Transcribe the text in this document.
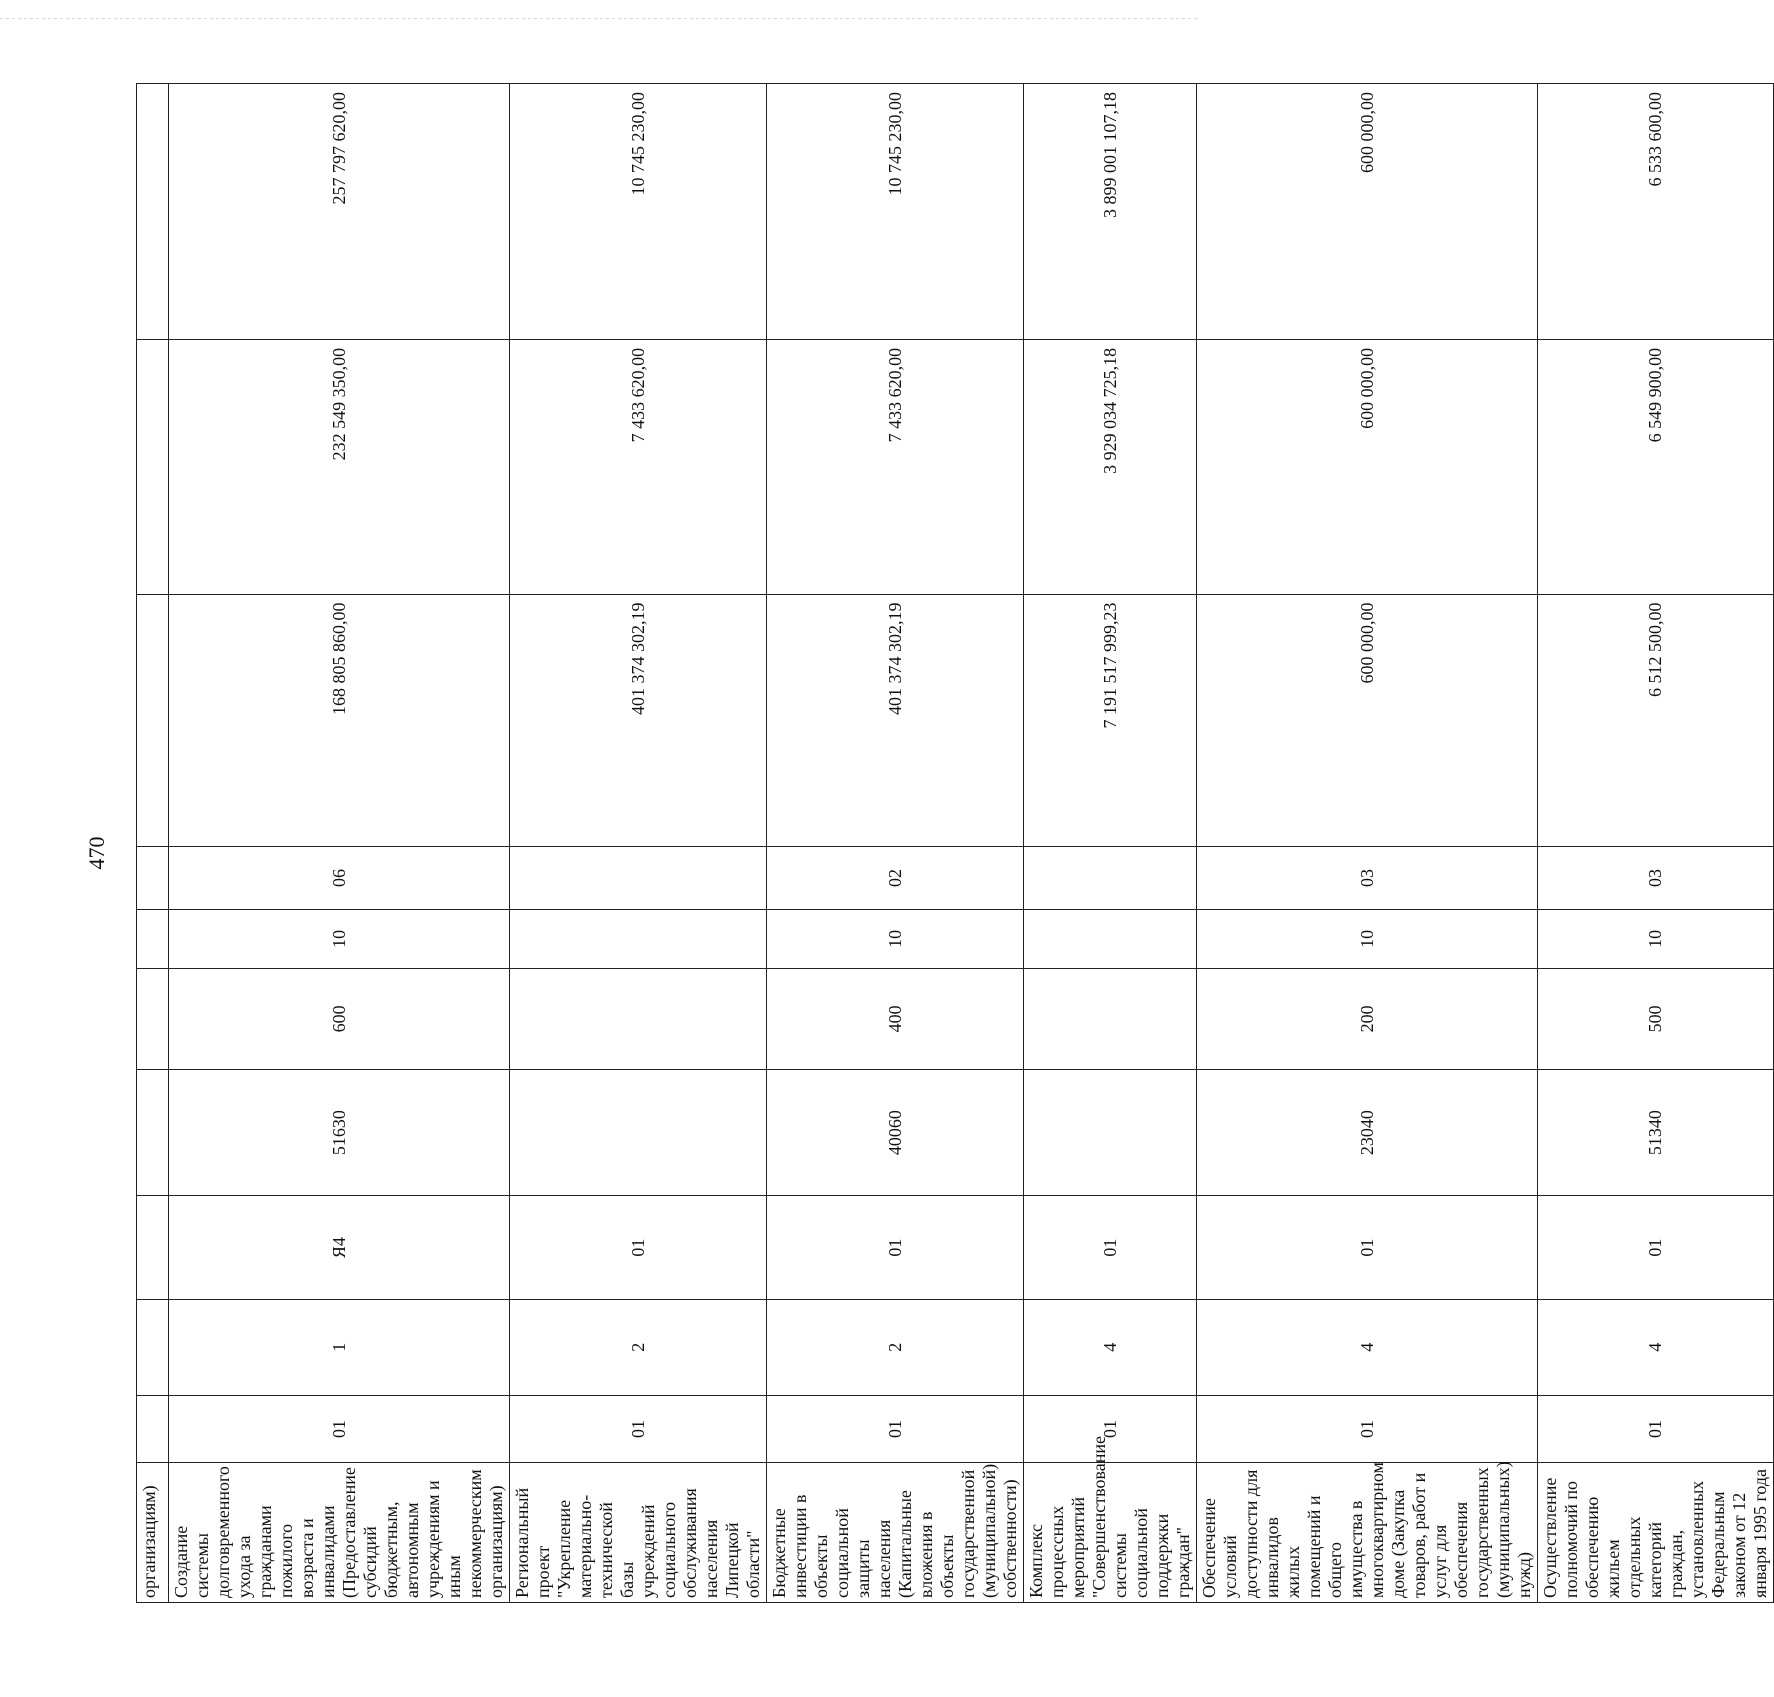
470
организациям)										
Создание системы долговременного ухода за гражданами пожилого возраста и инвалидами (Предоставление субсидий бюджетным, автономным учреждениям и иным некоммерческим организациям)	01	1	Я4	51630	600	10	06	168 805 860,00	232 549 350,00	257 797 620,00
Региональный проект "Укрепление материально-технической базы учреждений социального обслуживания населения Липецкой области"	01	2	01					401 374 302,19	7 433 620,00	10 745 230,00
Бюджетные инвестиции в объекты социальной защиты населения (Капитальные вложения в объекты государственной (муниципальной) собственности)	01	2	01	40060	400	10	02	401 374 302,19	7 433 620,00	10 745 230,00
Комплекс процессных мероприятий "Совершенствование системы социальной поддержки граждан"	01	4	01					7 191 517 999,23	3 929 034 725,18	3 899 001 107,18
Обеспечение условий доступности для инвалидов жилых помещений и общего имущества в многоквартирном доме (Закупка товаров, работ и услуг для обеспечения государственных (муниципальных) нужд)	01	4	01	23040	200	10	03	600 000,00	600 000,00	600 000,00
Осуществление полномочий по обеспечению жильем отдельных категорий граждан, установленных Федеральным законом от 12 января 1995 года	01	4	01	51340	500	10	03	6 512 500,00	6 549 900,00	6 533 600,00
